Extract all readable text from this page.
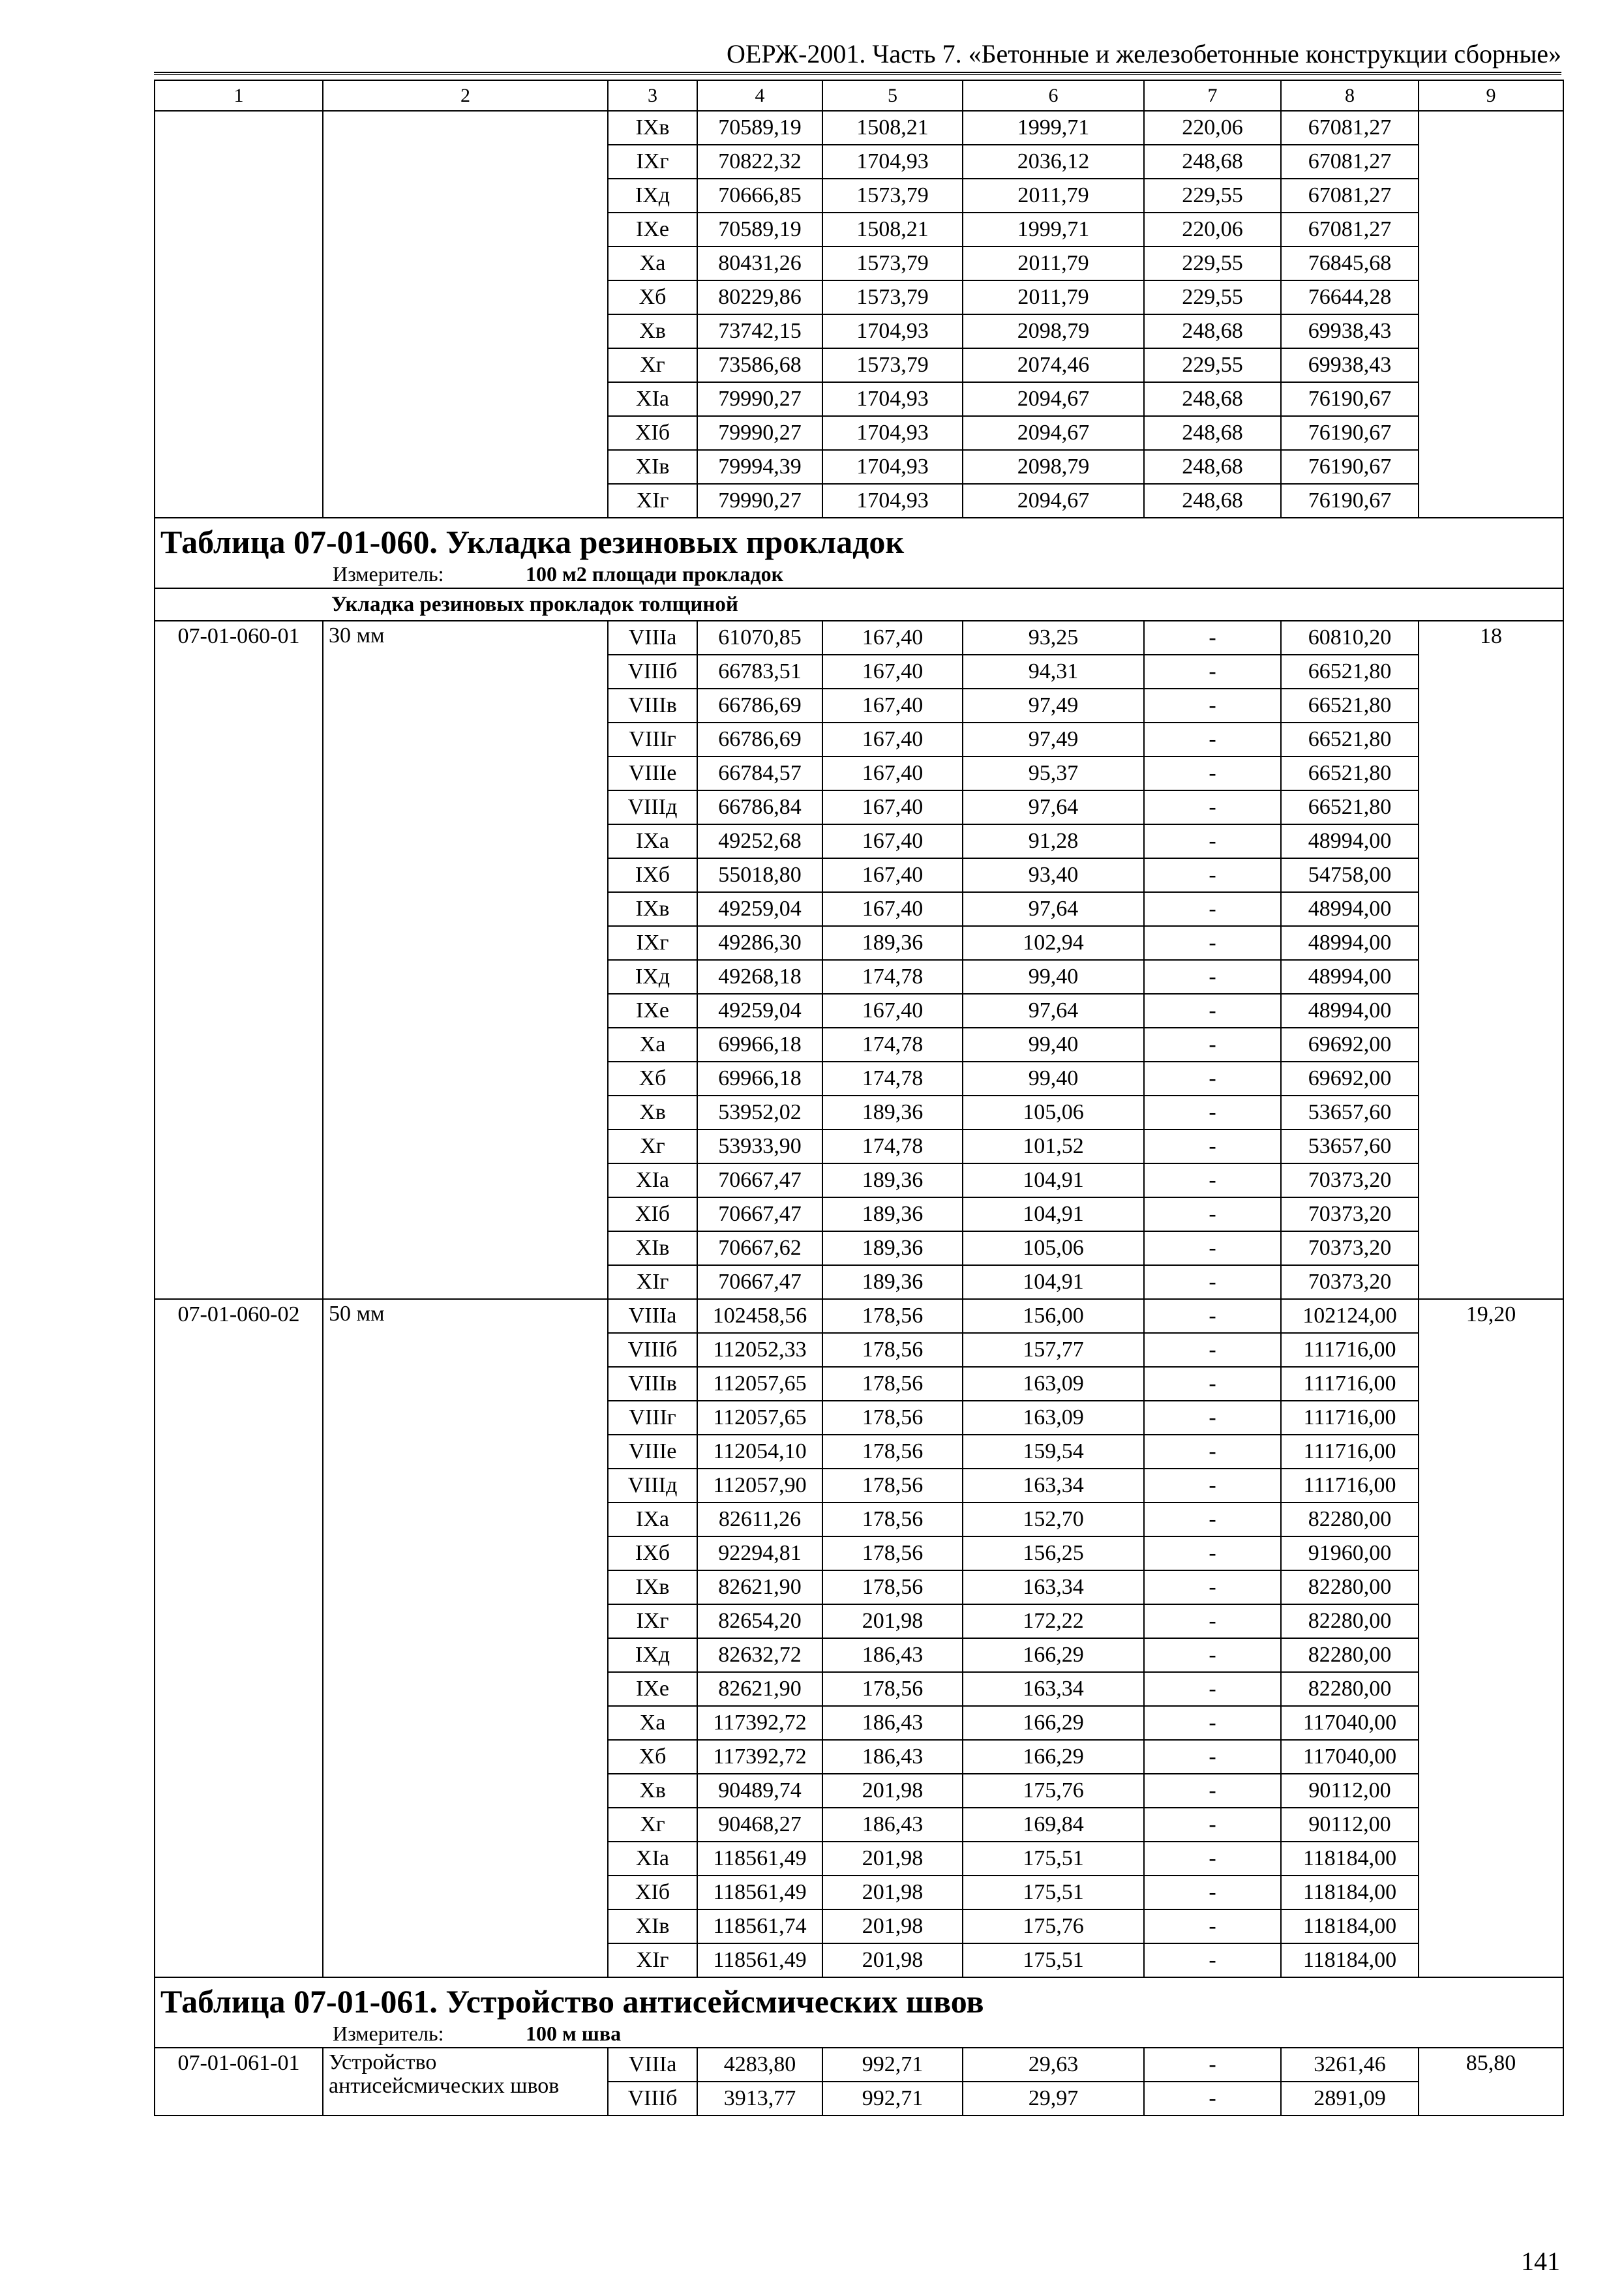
ОЕРЖ-2001. Часть 7. «Бетонные и железобетонные конструкции сборные»
1	2	3	4	5	6	7	8	9
		IXв	70589,19	1508,21	1999,71	220,06	67081,27	
		IXг	70822,32	1704,93	2036,12	248,68	67081,27	
		IXд	70666,85	1573,79	2011,79	229,55	67081,27	
		IXе	70589,19	1508,21	1999,71	220,06	67081,27	
		Xа	80431,26	1573,79	2011,79	229,55	76845,68	
		Xб	80229,86	1573,79	2011,79	229,55	76644,28	
		Xв	73742,15	1704,93	2098,79	248,68	69938,43	
		Xг	73586,68	1573,79	2074,46	229,55	69938,43	
		XIа	79990,27	1704,93	2094,67	248,68	76190,67	
		XIб	79990,27	1704,93	2094,67	248,68	76190,67	
		XIв	79994,39	1704,93	2098,79	248,68	76190,67	
		XIг	79990,27	1704,93	2094,67	248,68	76190,67	
Таблица 07-01-060. Укладка резиновых прокладок								
Измеритель: 100 м2 площади прокладок								
Укладка резиновых прокладок толщиной								
07-01-060-01	30 мм	VIIIа	61070,85	167,40	93,25	-	60810,20	18
		VIIIб	66783,51	167,40	94,31	-	66521,80	
		VIIIв	66786,69	167,40	97,49	-	66521,80	
		VIIIг	66786,69	167,40	97,49	-	66521,80	
		VIIIе	66784,57	167,40	95,37	-	66521,80	
		VIIIд	66786,84	167,40	97,64	-	66521,80	
		IXа	49252,68	167,40	91,28	-	48994,00	
		IXб	55018,80	167,40	93,40	-	54758,00	
		IXв	49259,04	167,40	97,64	-	48994,00	
		IXг	49286,30	189,36	102,94	-	48994,00	
		IXд	49268,18	174,78	99,40	-	48994,00	
		IXе	49259,04	167,40	97,64	-	48994,00	
		Xа	69966,18	174,78	99,40	-	69692,00	
		Xб	69966,18	174,78	99,40	-	69692,00	
		Xв	53952,02	189,36	105,06	-	53657,60	
		Xг	53933,90	174,78	101,52	-	53657,60	
		XIа	70667,47	189,36	104,91	-	70373,20	
		XIб	70667,47	189,36	104,91	-	70373,20	
		XIв	70667,62	189,36	105,06	-	70373,20	
		XIг	70667,47	189,36	104,91	-	70373,20	
07-01-060-02	50 мм	VIIIа	102458,56	178,56	156,00	-	102124,00	19,20
		VIIIб	112052,33	178,56	157,77	-	111716,00	
		VIIIв	112057,65	178,56	163,09	-	111716,00	
		VIIIг	112057,65	178,56	163,09	-	111716,00	
		VIIIе	112054,10	178,56	159,54	-	111716,00	
		VIIIд	112057,90	178,56	163,34	-	111716,00	
		IXа	82611,26	178,56	152,70	-	82280,00	
		IXб	92294,81	178,56	156,25	-	91960,00	
		IXв	82621,90	178,56	163,34	-	82280,00	
		IXг	82654,20	201,98	172,22	-	82280,00	
		IXд	82632,72	186,43	166,29	-	82280,00	
		IXе	82621,90	178,56	163,34	-	82280,00	
		Xа	117392,72	186,43	166,29	-	117040,00	
		Xб	117392,72	186,43	166,29	-	117040,00	
		Xв	90489,74	201,98	175,76	-	90112,00	
		Xг	90468,27	186,43	169,84	-	90112,00	
		XIа	118561,49	201,98	175,51	-	118184,00	
		XIб	118561,49	201,98	175,51	-	118184,00	
		XIв	118561,74	201,98	175,76	-	118184,00	
		XIг	118561,49	201,98	175,51	-	118184,00	
Таблица 07-01-061. Устройство антисейсмических швов								
Измеритель: 100 м шва								
07-01-061-01	Устройство антисейсмических швов	VIIIа	4283,80	992,71	29,63	-	3261,46	85,80
		VIIIб	3913,77	992,71	29,97	-	2891,09	
141
